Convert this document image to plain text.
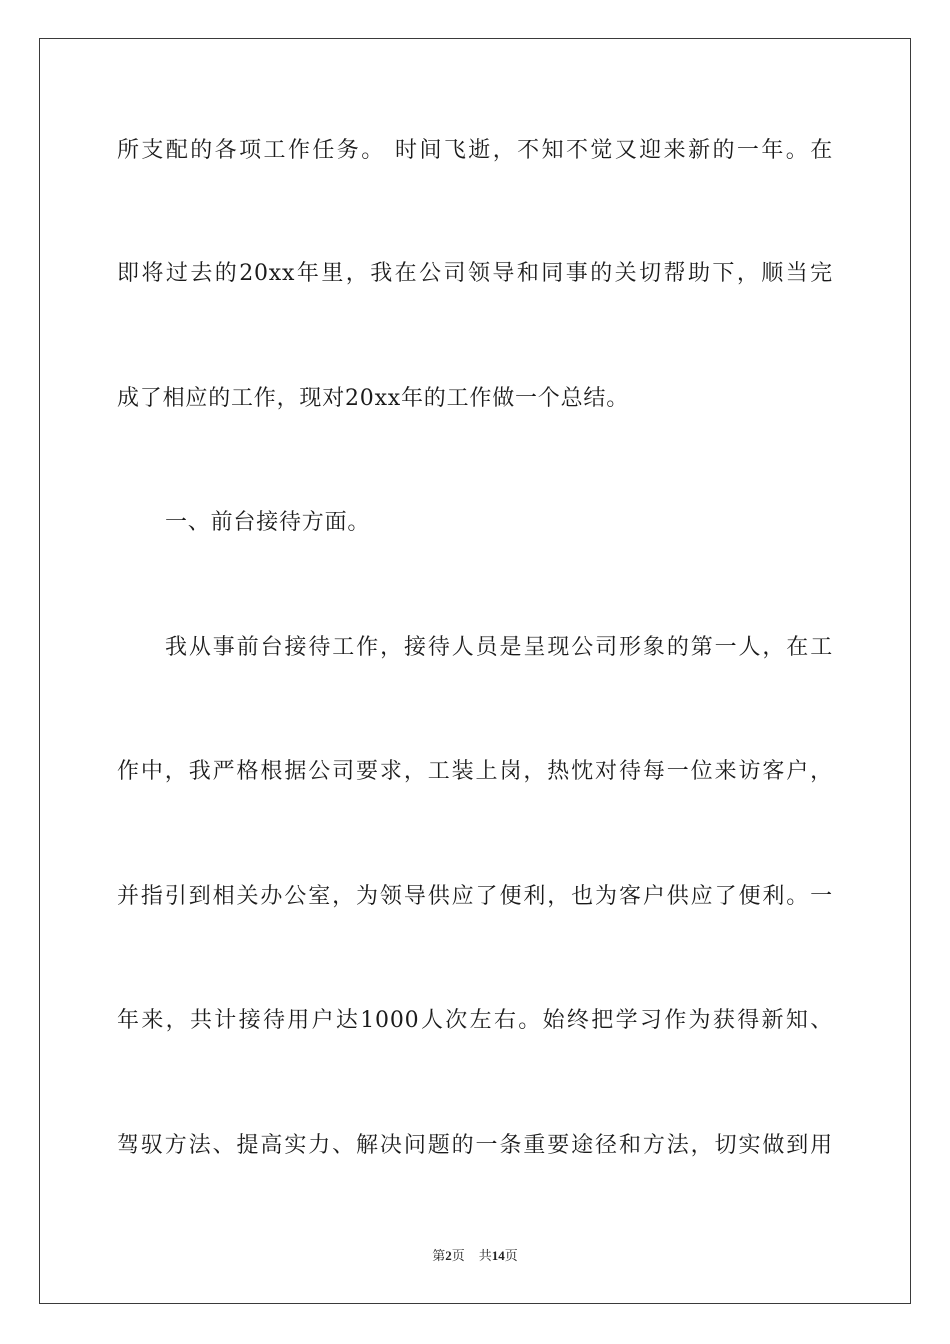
所支配的各项工作任务。 时间飞逝，不知不觉又迎来新的一年。在
即将过去的20xx年里，我在公司领导和同事的关切帮助下，顺当完
成了相应的工作，现对20xx年的工作做一个总结。
一、前台接待方面。
我从事前台接待工作，接待人员是呈现公司形象的第一人，在工
作中，我严格根据公司要求，工装上岗，热忱对待每一位来访客户，
并指引到相关办公室，为领导供应了便利，也为客户供应了便利。一
年来，共计接待用户达1000人次左右。始终把学习作为获得新知、
驾驭方法、提高实力、解决问题的一条重要途径和方法，切实做到用
第2页 共14页
